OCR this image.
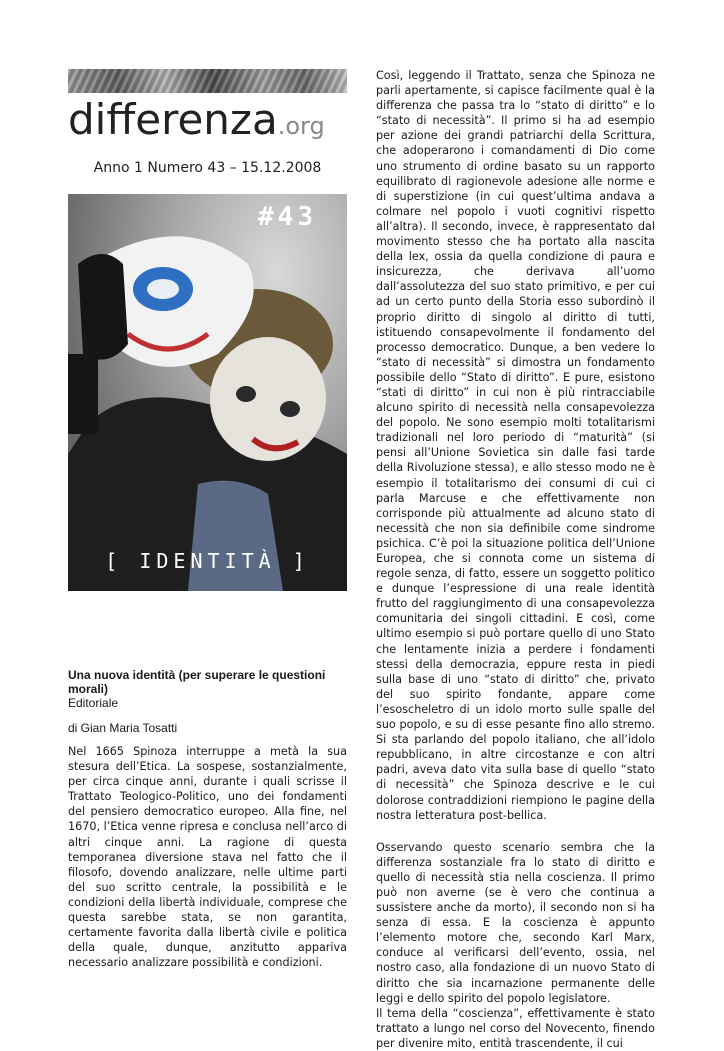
differenza.org
Anno 1 Numero 43 – 15.12.2008
#43
[ IDENTITÀ ]
Una nuova identità (per superare le questioni morali)
Editoriale
di Gian Maria Tosatti

Nel 1665 Spinoza interruppe a metà la sua stesura dell’Etica. La sospese, sostanzialmente, per circa cinque anni, durante i quali scrisse il Trattato Teologico-Politico, uno dei fondamenti del pensiero democratico europeo. Alla fine, nel 1670, l’Etica venne ripresa e conclusa nell’arco di altri cinque anni. La ragione di questa temporanea diversione stava nel fatto che il filosofo, dovendo analizzare, nelle ultime parti del suo scritto centrale, la possibilità e le condizioni della libertà individuale, comprese che questa sarebbe stata, se non garantita, certamente favorita dalla libertà civile e politica della quale, dunque, anzitutto appariva necessario analizzare possibilità e condizioni.

Così, leggendo il Trattato, senza che Spinoza ne parli apertamente, si capisce facilmente qual è la differenza che passa tra lo “stato di diritto” e lo “stato di necessità”. Il primo si ha ad esempio per azione dei grandi patriarchi della Scrittura, che adoperarono i comandamenti di Dio come uno strumento di ordine basato su un rapporto equilibrato di ragionevole adesione alle norme e di superstizione (in cui quest’ultima andava a colmare nel popolo i vuoti cognitivi rispetto all’altra). Il secondo, invece, è rappresentato dal movimento stesso che ha portato alla nascita della lex, ossia da quella condizione di paura e insicurezza, che derivava all’uomo dall’assolutezza del suo stato primitivo, e per cui ad un certo punto della Storia esso subordinò il proprio diritto di singolo al diritto di tutti, istituendo consapevolmente il fondamento del processo democratico. Dunque, a ben vedere lo “stato di necessità” si dimostra un fondamento possibile dello “Stato di diritto”. E pure, esistono “stati di diritto” in cui non è più rintracciabile alcuno spirito di necessità nella consapevolezza del popolo. Ne sono esempio molti totalitarismi tradizionali nel loro periodo di “maturità” (si pensi all’Unione Sovietica sin dalle fasi tarde della Rivoluzione stessa), e allo stesso modo ne è esempio il totalitarismo dei consumi di cui ci parla Marcuse e che effettivamente non corrisponde più attualmente ad alcuno stato di necessità che non sia definibile come sindrome psichica. C’è poi la situazione politica dell’Unione Europea, che si connota come un sistema di regole senza, di fatto, essere un soggetto politico e dunque l’espressione di una reale identità frutto del raggiungimento di una consapevolezza comunitaria dei singoli cittadini. E così, come ultimo esempio si può portare quello di uno Stato che lentamente inizia a perdere i fondamenti stessi della democrazia, eppure resta in piedi sulla base di uno “stato di diritto” che, privato del suo spirito fondante, appare come l’esoscheletro di un idolo morto sulle spalle del suo popolo, e su di esse pesante fino allo stremo. Si sta parlando del popolo italiano, che all’idolo repubblicano, in altre circostanze e con altri padri, aveva dato vita sulla base di quello “stato di necessità” che Spinoza descrive e le cui dolorose contraddizioni riempiono le pagine della nostra letteratura post-bellica.

Osservando questo scenario sembra che la differenza sostanziale fra lo stato di diritto e quello di necessità stia nella coscienza. Il primo può non averne (se è vero che continua a sussistere anche da morto), il secondo non si ha senza di essa. E la coscienza è appunto l’elemento motore che, secondo Karl Marx, conduce al verificarsi dell’evento, ossia, nel nostro caso, alla fondazione di un nuovo Stato di diritto che sia incarnazione permanente delle leggi e dello spirito del popolo legislatore.

Il tema della “coscienza”, effettivamente è stato trattato a lungo nel corso del Novecento, finendo per divenire mito, entità trascendente, il cui
